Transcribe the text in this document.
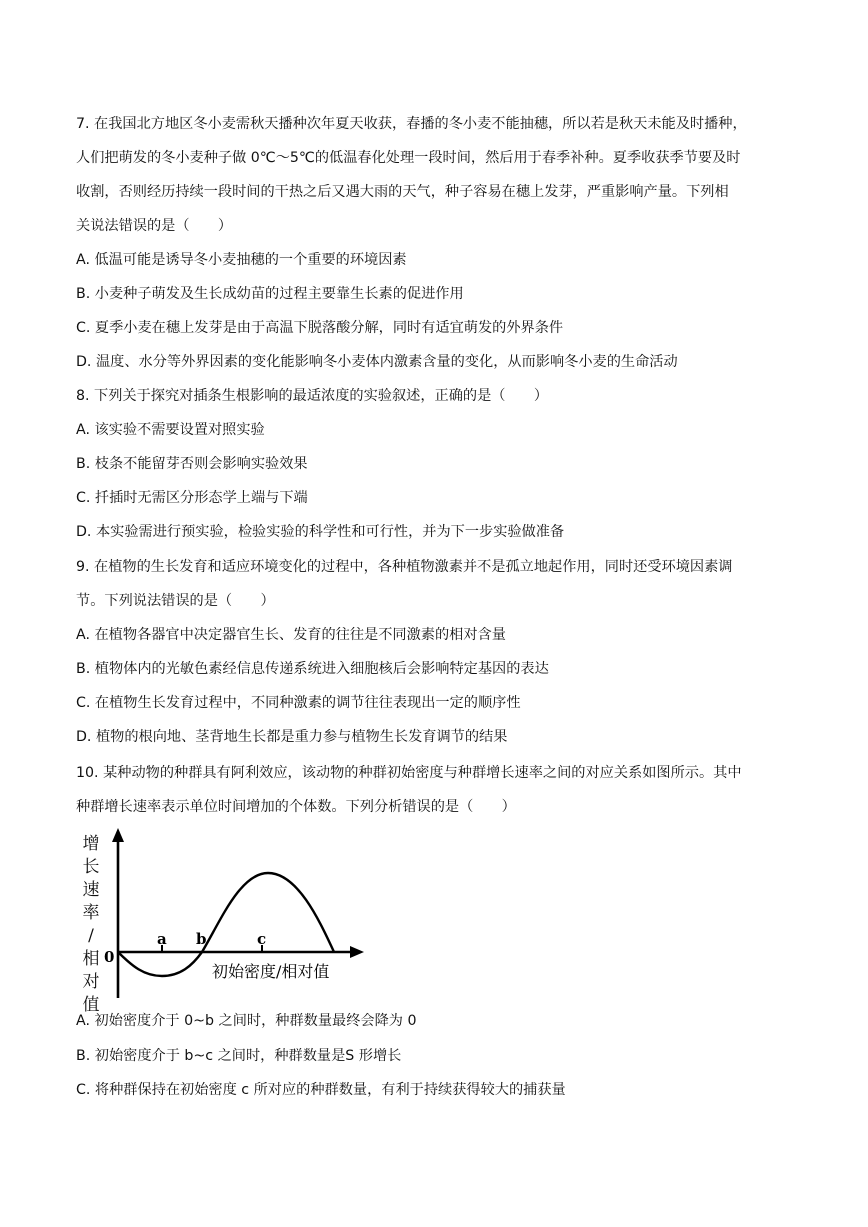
7. 在我国北方地区冬小麦需秋天播种次年夏天收获，春播的冬小麦不能抽穗，所以若是秋天未能及时播种，
人们把萌发的冬小麦种子做 0℃～5℃的低温春化处理一段时间，然后用于春季补种。夏季收获季节要及时
收割，否则经历持续一段时间的干热之后又遇大雨的天气，种子容易在穗上发芽，严重影响产量。下列相
关说法错误的是（　　）
A. 低温可能是诱导冬小麦抽穗的一个重要的环境因素
B. 小麦种子萌发及生长成幼苗的过程主要靠生长素的促进作用
C. 夏季小麦在穗上发芽是由于高温下脱落酸分解，同时有适宜萌发的外界条件
D. 温度、水分等外界因素的变化能影响冬小麦体内激素含量的变化，从而影响冬小麦的生命活动
8. 下列关于探究对插条生根影响的最适浓度的实验叙述，正确的是（　　）
A. 该实验不需要设置对照实验
B. 枝条不能留芽否则会影响实验效果
C. 扦插时无需区分形态学上端与下端
D. 本实验需进行预实验，检验实验的科学性和可行性，并为下一步实验做准备
9. 在植物的生长发育和适应环境变化的过程中，各种植物激素并不是孤立地起作用，同时还受环境因素调
节。下列说法错误的是（　　）
A. 在植物各器官中决定器官生长、发育的往往是不同激素的相对含量
B. 植物体内的光敏色素经信息传递系统进入细胞核后会影响特定基因的表达
C. 在植物生长发育过程中，不同种激素的调节往往表现出一定的顺序性
D. 植物的根向地、茎背地生长都是重力参与植物生长发育调节的结果
10. 某种动物的种群具有阿利效应，该动物的种群初始密度与种群增长速率之间的对应关系如图所示。其中
种群增长速率表示单位时间增加的个体数。下列分析错误的是（　　）
增
长
速
率
/
相
对
值
a b	c
0
初始密度/相对值
A. 初始密度介于 0~b 之间时，种群数量最终会降为 0
B. 初始密度介于 b~c 之间时，种群数量是S 形增长
C. 将种群保持在初始密度 c 所对应的种群数量，有利于持续获得较大的捕获量
